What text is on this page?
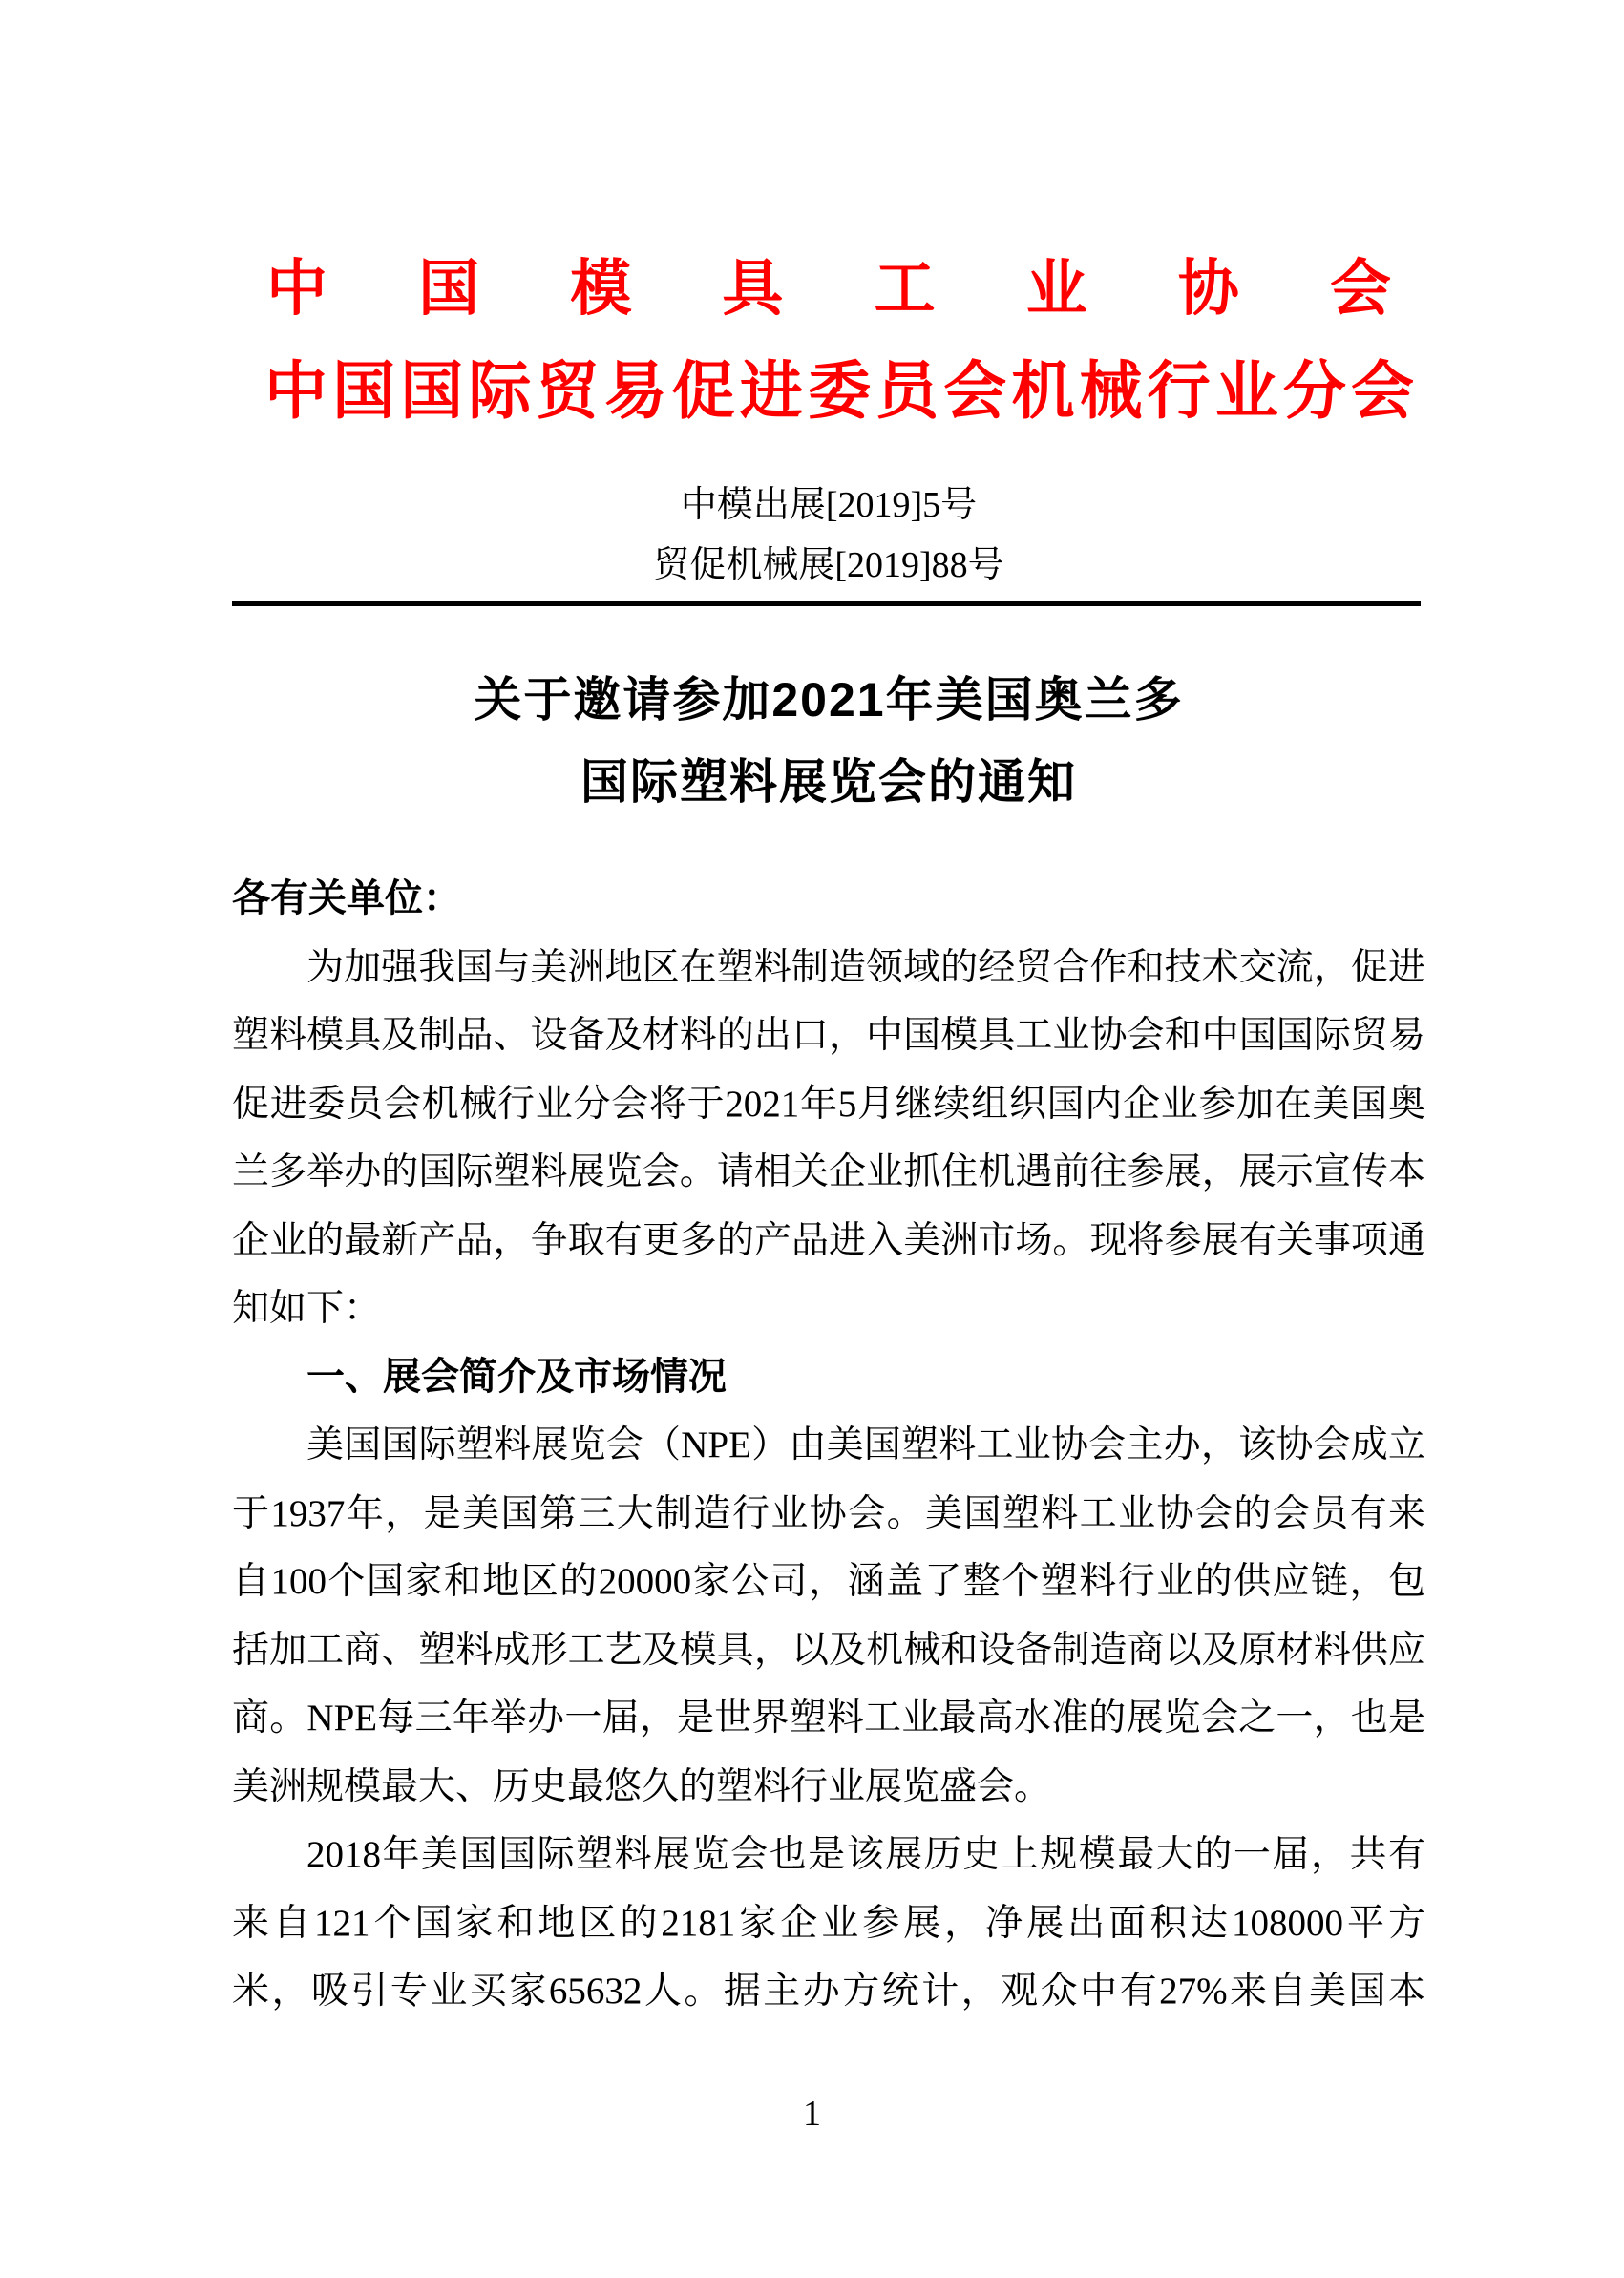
中 国 模 具 工 业 协 会
中 国 国 际 贸 易 促 进 委 员 会 机 械 行 业 分 会
中模出展[2019]5号
贸促机械展[2019]88号
关于邀请参加2021年美国奥兰多
国际塑料展览会的通知
各有关单位：
为加强我国与美洲地区在塑料制造领域的经贸合作和技术交流，促进
塑料模具及制品、设备及材料的出口，中国模具工业协会和中国国际贸易
促进委员会机械行业分会将于2021年5月继续组织国内企业参加在美国奥
兰多举办的国际塑料展览会。请相关企业抓住机遇前往参展，展示宣传本
企业的最新产品，争取有更多的产品进入美洲市场。现将参展有关事项通
知如下：
一、展会简介及市场情况
美国国际塑料展览会（NPE）由美国塑料工业协会主办，该协会成立
于1937年，是美国第三大制造行业协会。美国塑料工业协会的会员有来
自100个国家和地区的20000家公司，涵盖了整个塑料行业的供应链，包
括加工商、塑料成形工艺及模具，以及机械和设备制造商以及原材料供应
商。NPE每三年举办一届，是世界塑料工业最高水准的展览会之一，也是
美洲规模最大、历史最悠久的塑料行业展览盛会。
2018年美国国际塑料展览会也是该展历史上规模最大的一届，共有
来自121个国家和地区的2181家企业参展，净展出面积达108000平方
米，吸引专业买家65632人。据主办方统计，观众中有27%来自美国本
1
